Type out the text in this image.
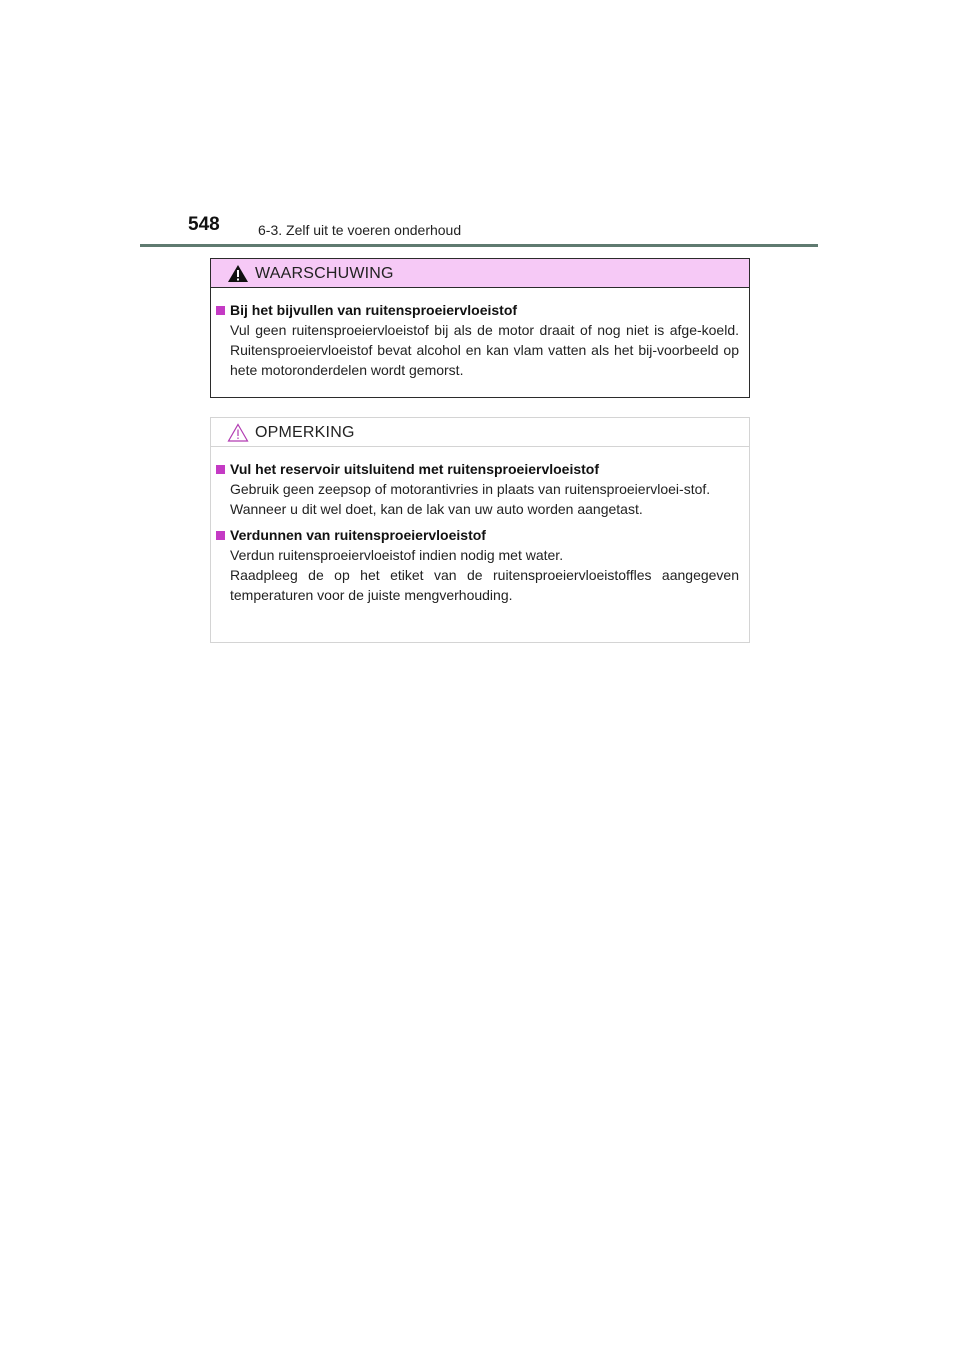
548	6-3. Zelf uit te voeren onderhoud
WAARSCHUWING
Bij het bijvullen van ruitensproeiervloeistof

Vul geen ruitensproeiervloeistof bij als de motor draait of nog niet is afge-koeld. Ruitensproeiervloeistof bevat alcohol en kan vlam vatten als het bij-voorbeeld op hete motoronderdelen wordt gemorst.

OPMERKING
Vul het reservoir uitsluitend met ruitensproeiervloeistof

Gebruik geen zeepsop of motorantivries in plaats van ruitensproeiervloei-stof.

Wanneer u dit wel doet, kan de lak van uw auto worden aangetast.

Verdunnen van ruitensproeiervloeistof

Verdun ruitensproeiervloeistof indien nodig met water.

Raadpleeg de op het etiket van de ruitensproeiervloeistoffles aangegeven temperaturen voor de juiste mengverhouding.
